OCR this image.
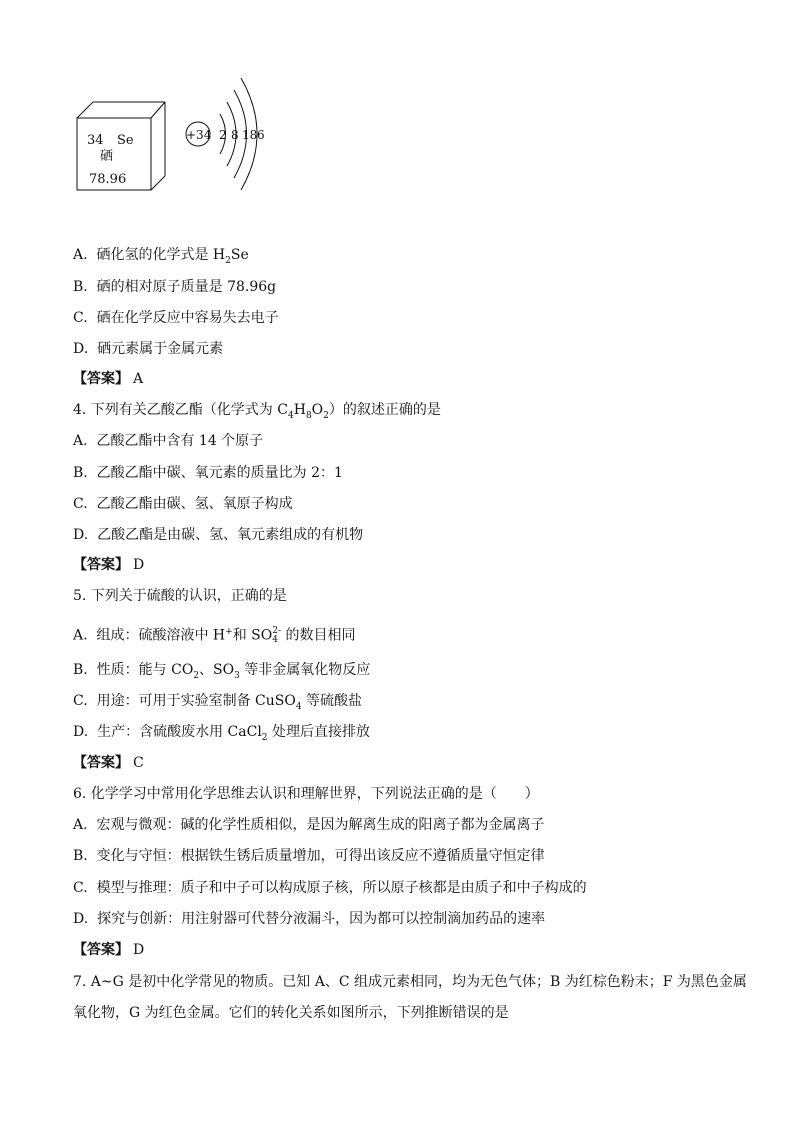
34 Se
硒
78.96
+34 2 8 18 6
A. 硒化氢的化学式是 $H_2Se$
B. 硒的相对原子质量是 78.96g
C. 硒在化学反应中容易失去电子
D. 硒元素属于金属元素
【答案】 A
4. 下列有关乙酸乙酯（化学式为 $C_4H_8O_2$）的叙述正确的是
A. 乙酸乙酯中含有 14 个原子
B. 乙酸乙酯中碳、氧元素的质量比为 2：1
C. 乙酸乙酯由碳、氢、氧原子构成
D. 乙酸乙酯是由碳、氢、氧元素组成的有机物
【答案】 D
5. 下列关于硫酸的认识，正确的是
A. 组成：硫酸溶液中 H+和 SO 2-
4 的数目相同
B. 性质：能与 $CO_2$、$SO_3$ 等非金属氧化物反应
C. 用途：可用于实验室制备 CuSO$_4$ 等硫酸盐
D. 生产：含硫酸废水用 CaCl$_2$ 处理后直接排放
【答案】 C
6. 化学学习中常用化学思维去认识和理解世界，下列说法正确的是（　　）
A. 宏观与微观：碱的化学性质相似，是因为解离生成的阳离子都为金属离子
B. 变化与守恒：根据铁生锈后质量增加，可得出该反应不遵循质量守恒定律
C. 模型与推理：质子和中子可以构成原子核，所以原子核都是由质子和中子构成的
D. 探究与创新：用注射器可代替分液漏斗，因为都可以控制滴加药品的速率
【答案】 D
7. A~G 是初中化学常见的物质。已知 A、C 组成元素相同，均为无色气体；B 为红棕色粉末；F 为黑色金属
氧化物，G 为红色金属。它们的转化关系如图所示，下列推断错误的是
